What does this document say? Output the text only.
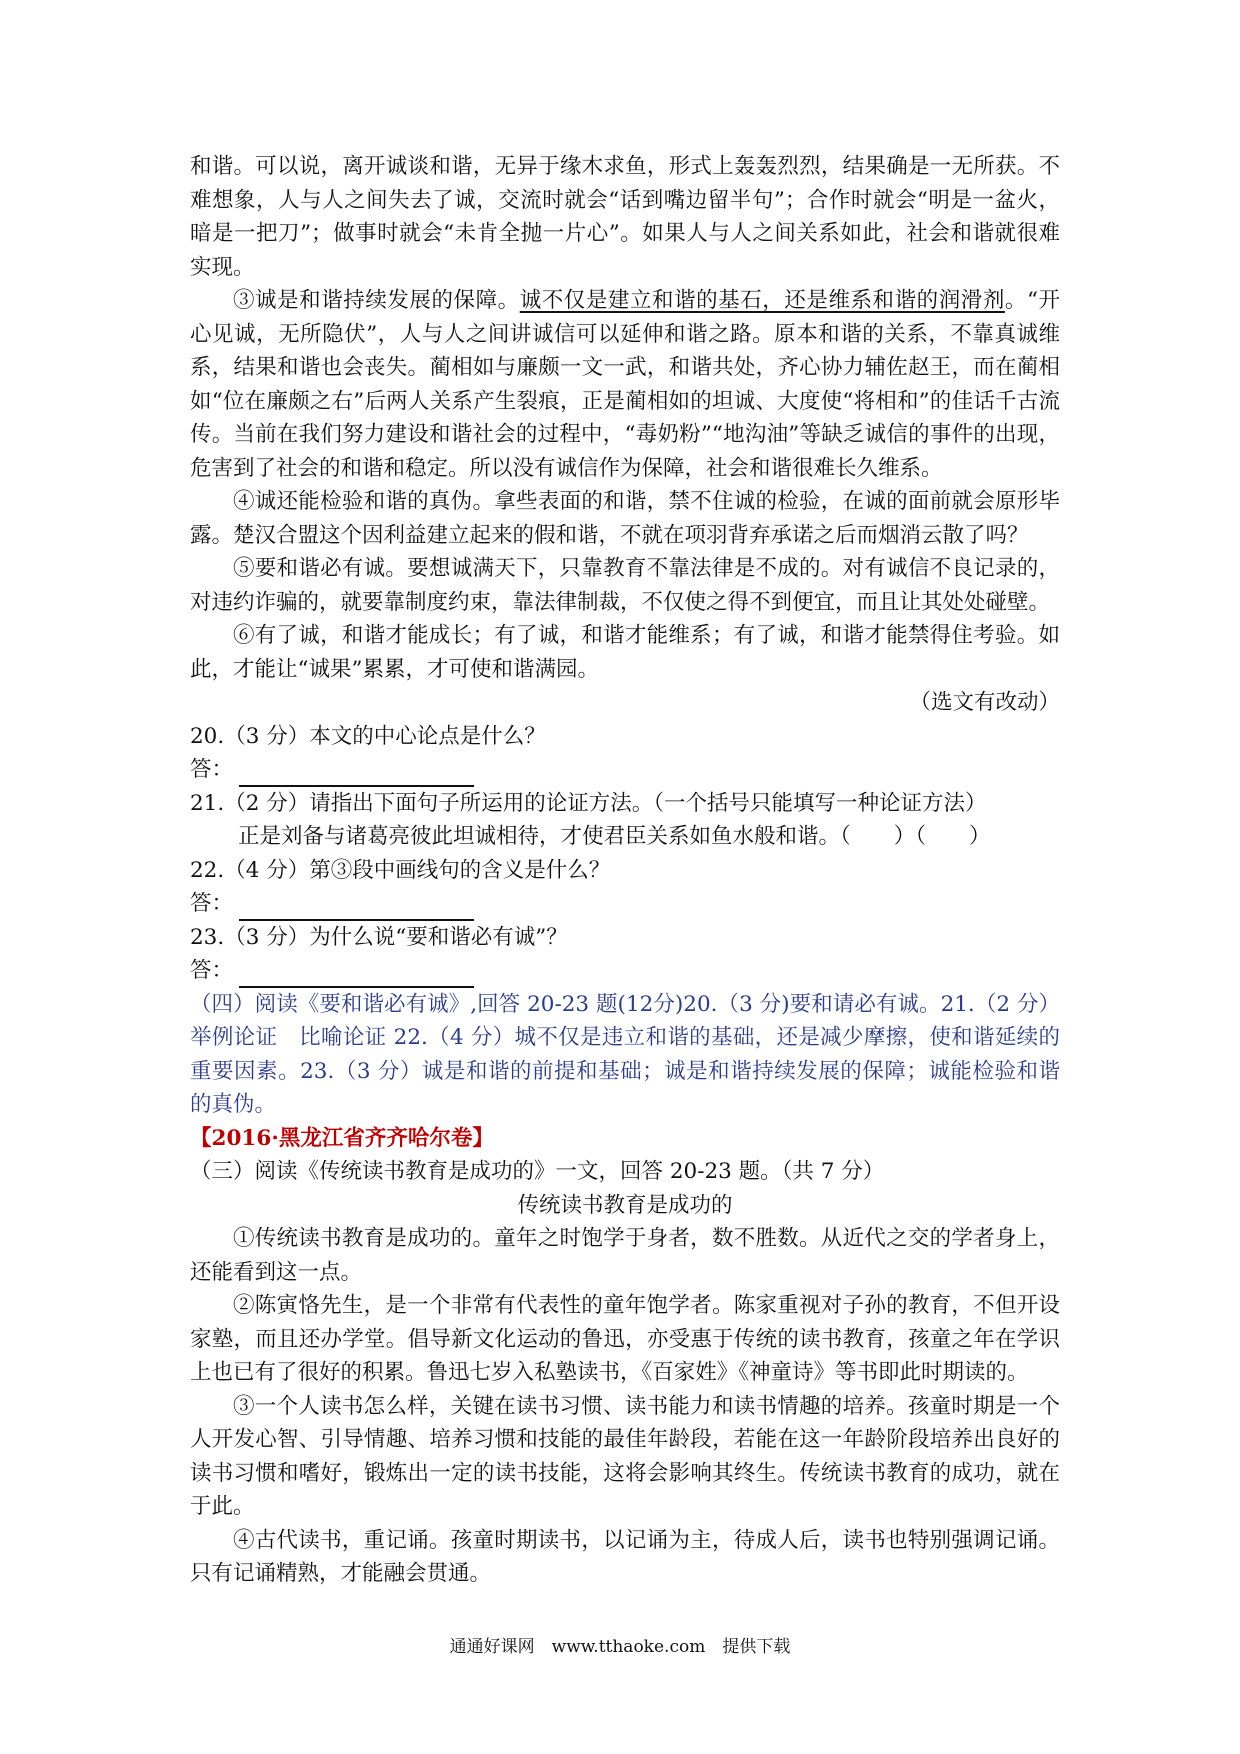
和谐。可以说，离开诚谈和谐，无异于缘木求鱼，形式上轰轰烈烈，结果确是一无所获。不难想象，人与人之间失去了诚，交流时就会“话到嘴边留半句”；合作时就会“明是一盆火，暗是一把刀”；做事时就会“未肯全抛一片心”。如果人与人之间关系如此，社会和谐就很难实现。

③诚是和谐持续发展的保障。诚不仅是建立和谐的基石，还是维系和谐的润滑剂。“开心见诚，无所隐伏”，人与人之间讲诚信可以延伸和谐之路。原本和谐的关系，不靠真诚维系，结果和谐也会丧失。蔺相如与廉颇一文一武，和谐共处，齐心协力辅佐赵王，而在蔺相如“位在廉颇之右”后两人关系产生裂痕，正是蔺相如的坦诚、大度使“将相和”的佳话千古流传。当前在我们努力建设和谐社会的过程中，“毒奶粉”“地沟油”等缺乏诚信的事件的出现，危害到了社会的和谐和稳定。所以没有诚信作为保障，社会和谐很难长久维系。

④诚还能检验和谐的真伪。拿些表面的和谐，禁不住诚的检验，在诚的面前就会原形毕露。楚汉合盟这个因利益建立起来的假和谐，不就在项羽背弃承诺之后而烟消云散了吗？

⑤要和谐必有诚。要想诚满天下，只靠教育不靠法律是不成的。对有诚信不良记录的，对违约诈骗的，就要靠制度约束，靠法律制裁，不仅使之得不到便宜，而且让其处处碰壁。

⑥有了诚，和谐才能成长；有了诚，和谐才能维系；有了诚，和谐才能禁得住考验。如此，才能让“诚果”累累，才可使和谐满园。

（选文有改动）

20.（3 分）本文的中心论点是什么？

答：

21.（2 分）请指出下面句子所运用的论证方法。（一个括号只能填写一种论证方法）

正是刘备与诸葛亮彼此坦诚相待，才使君臣关系如鱼水般和谐。（　　）（　　）

22.（4 分）第③段中画线句的含义是什么？

答：

23.（3 分）为什么说“要和谐必有诚”？

答：

（四）阅读《要和谐必有诚》,回答 20-23 题(12分)20.（3 分)要和请必有诚。21.（2 分）举例论证　比喻论证 22.（4 分）城不仅是违立和谐的基础，还是减少摩擦，使和谐延续的重要因素。23.（3 分）诚是和谐的前提和基础；诚是和谐持续发展的保障；诚能检验和谐的真伪。

【2016·黑龙江省齐齐哈尔卷】

（三）阅读《传统读书教育是成功的》一文，回答 20-23 题。（共 7 分）

传统读书教育是成功的

①传统读书教育是成功的。童年之时饱学于身者，数不胜数。从近代之交的学者身上，还能看到这一点。

②陈寅恪先生，是一个非常有代表性的童年饱学者。陈家重视对子孙的教育，不但开设家塾，而且还办学堂。倡导新文化运动的鲁迅，亦受惠于传统的读书教育，孩童之年在学识上也已有了很好的积累。鲁迅七岁入私塾读书，《百家姓》《神童诗》等书即此时期读的。

③一个人读书怎么样，关键在读书习惯、读书能力和读书情趣的培养。孩童时期是一个人开发心智、引导情趣、培养习惯和技能的最佳年龄段，若能在这一年龄阶段培养出良好的读书习惯和嗜好，锻炼出一定的读书技能，这将会影响其终生。传统读书教育的成功，就在于此。

④古代读书，重记诵。孩童时期读书，以记诵为主，待成人后，读书也特别强调记诵。只有记诵精熟，才能融会贯通。

通通好课网　www.tthaoke.com　提供下载
